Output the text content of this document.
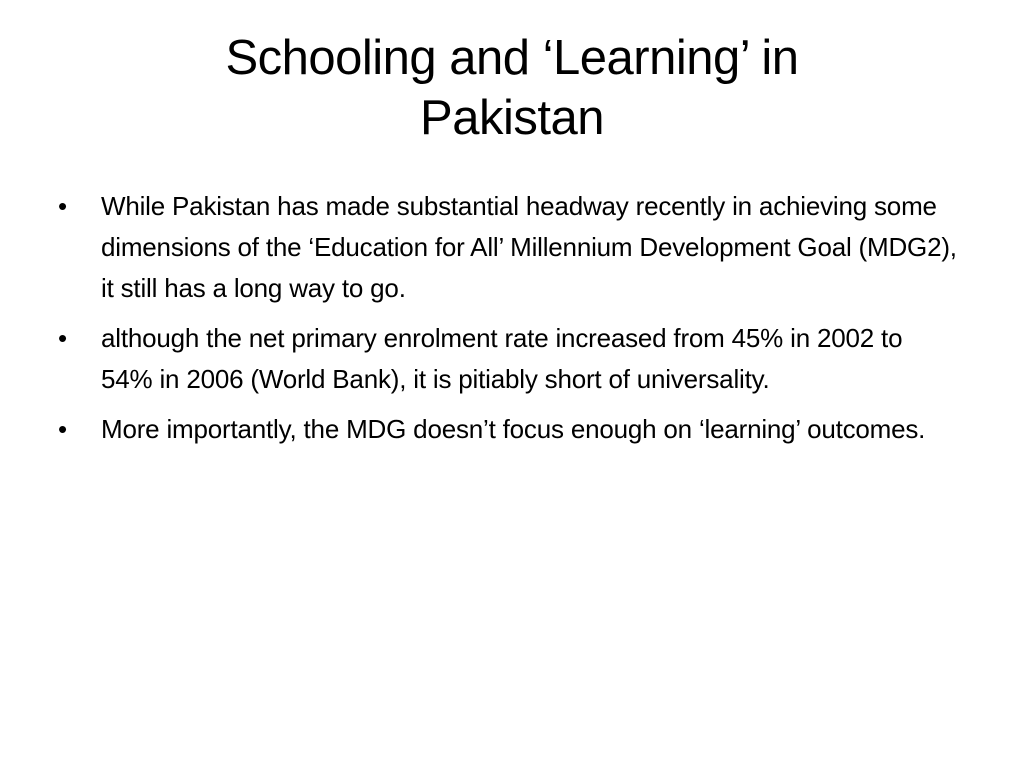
Schooling and ‘Learning’ in
Pakistan
•	While Pakistan has made substantial headway recently in achieving some dimensions of the ‘Education for All’ Millennium Development Goal (MDG2), it still has a long way to go.
•	although the net primary enrolment rate increased from 45% in 2002 to 54% in 2006 (World Bank), it is pitiably short of universality.
•	More importantly, the MDG doesn’t focus enough on ‘learning’ outcomes.
